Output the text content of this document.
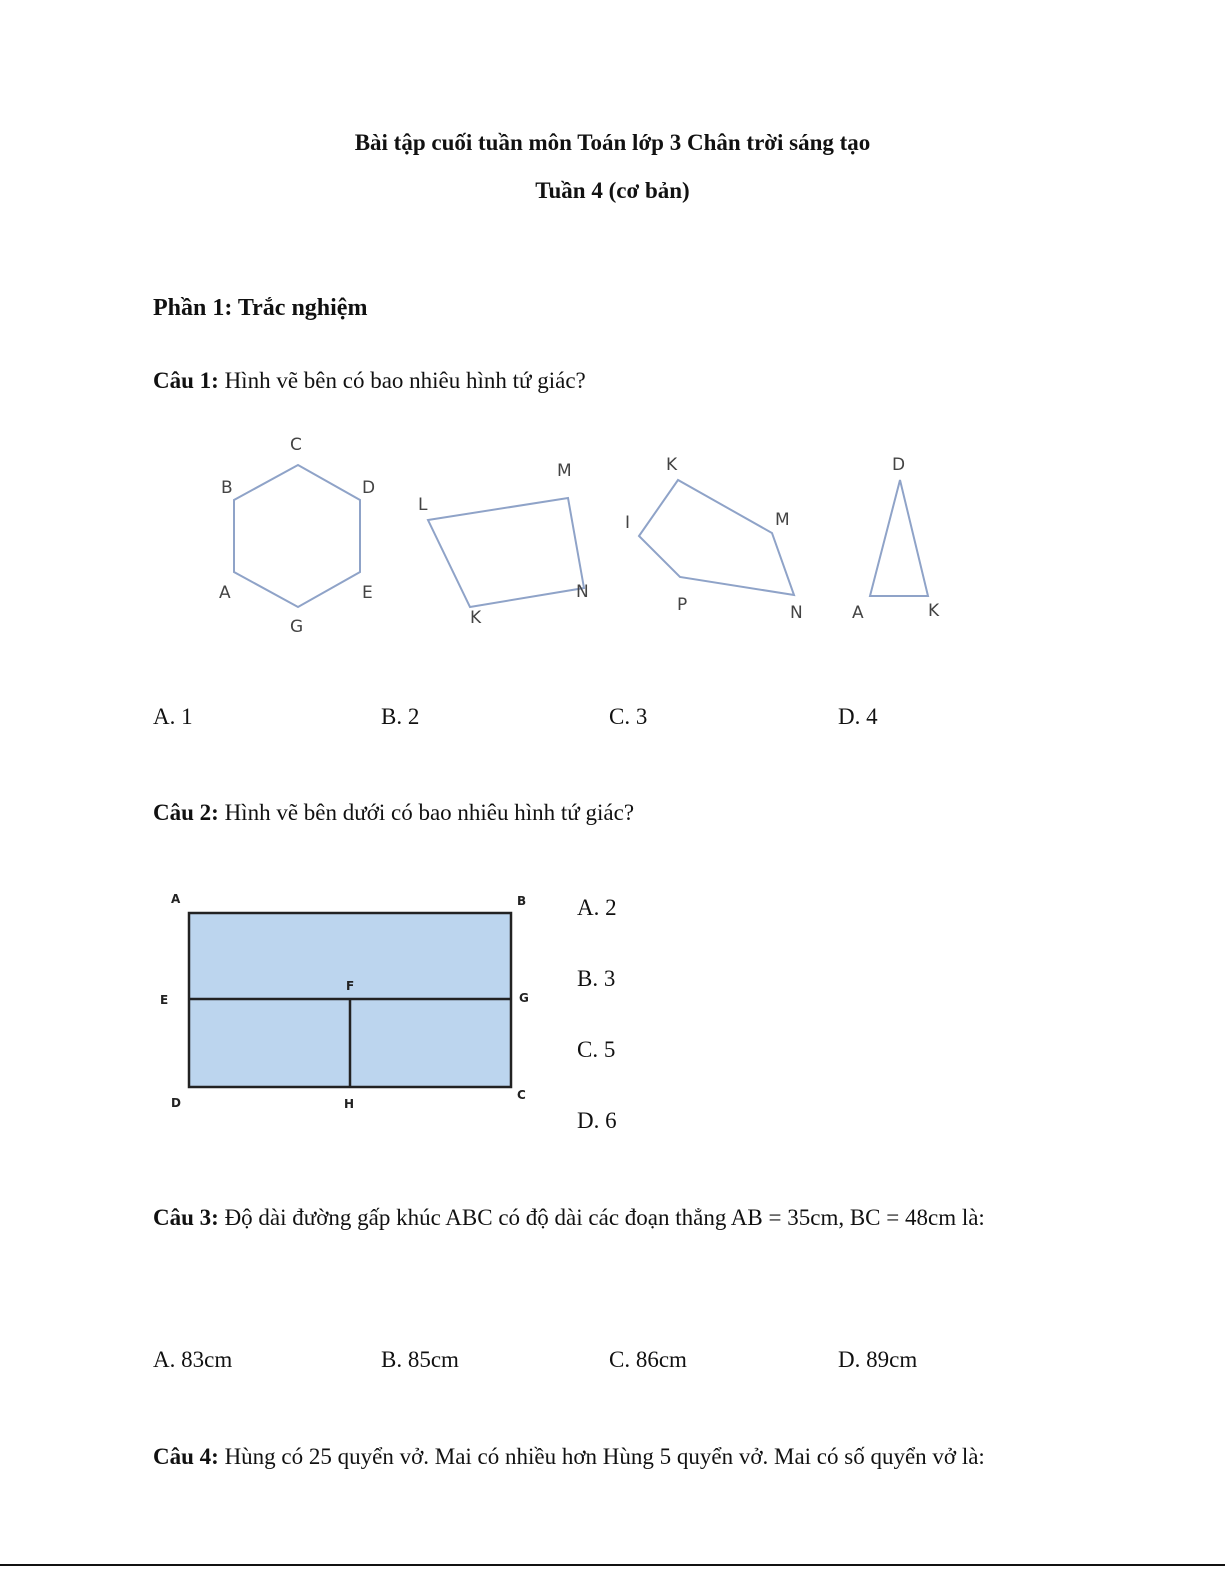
Bài tập cuối tuần môn Toán lớp 3 Chân trời sáng tạo
Tuần 4 (cơ bản)
Phần 1: Trắc nghiệm
Câu 1: Hình vẽ bên có bao nhiêu hình tứ giác?
C
B	D
A	E
G
M
L
N
K
K
M
I
P	N
D
A	K
A. 1	B. 2	C. 3	D. 4
Câu 2: Hình vẽ bên dưới có bao nhiêu hình tứ giác?
A	B
E
F
G
D	H
C
A. 2
B. 3
C. 5
D. 6
Câu 3: Độ dài đường gấp khúc ABC có độ dài các đoạn thẳng AB = 35cm, BC = 48cm là:
A. 83cm	B. 85cm	C. 86cm	D. 89cm
Câu 4: Hùng có 25 quyển vở. Mai có nhiều hơn Hùng 5 quyển vở. Mai có số quyển vở là:
